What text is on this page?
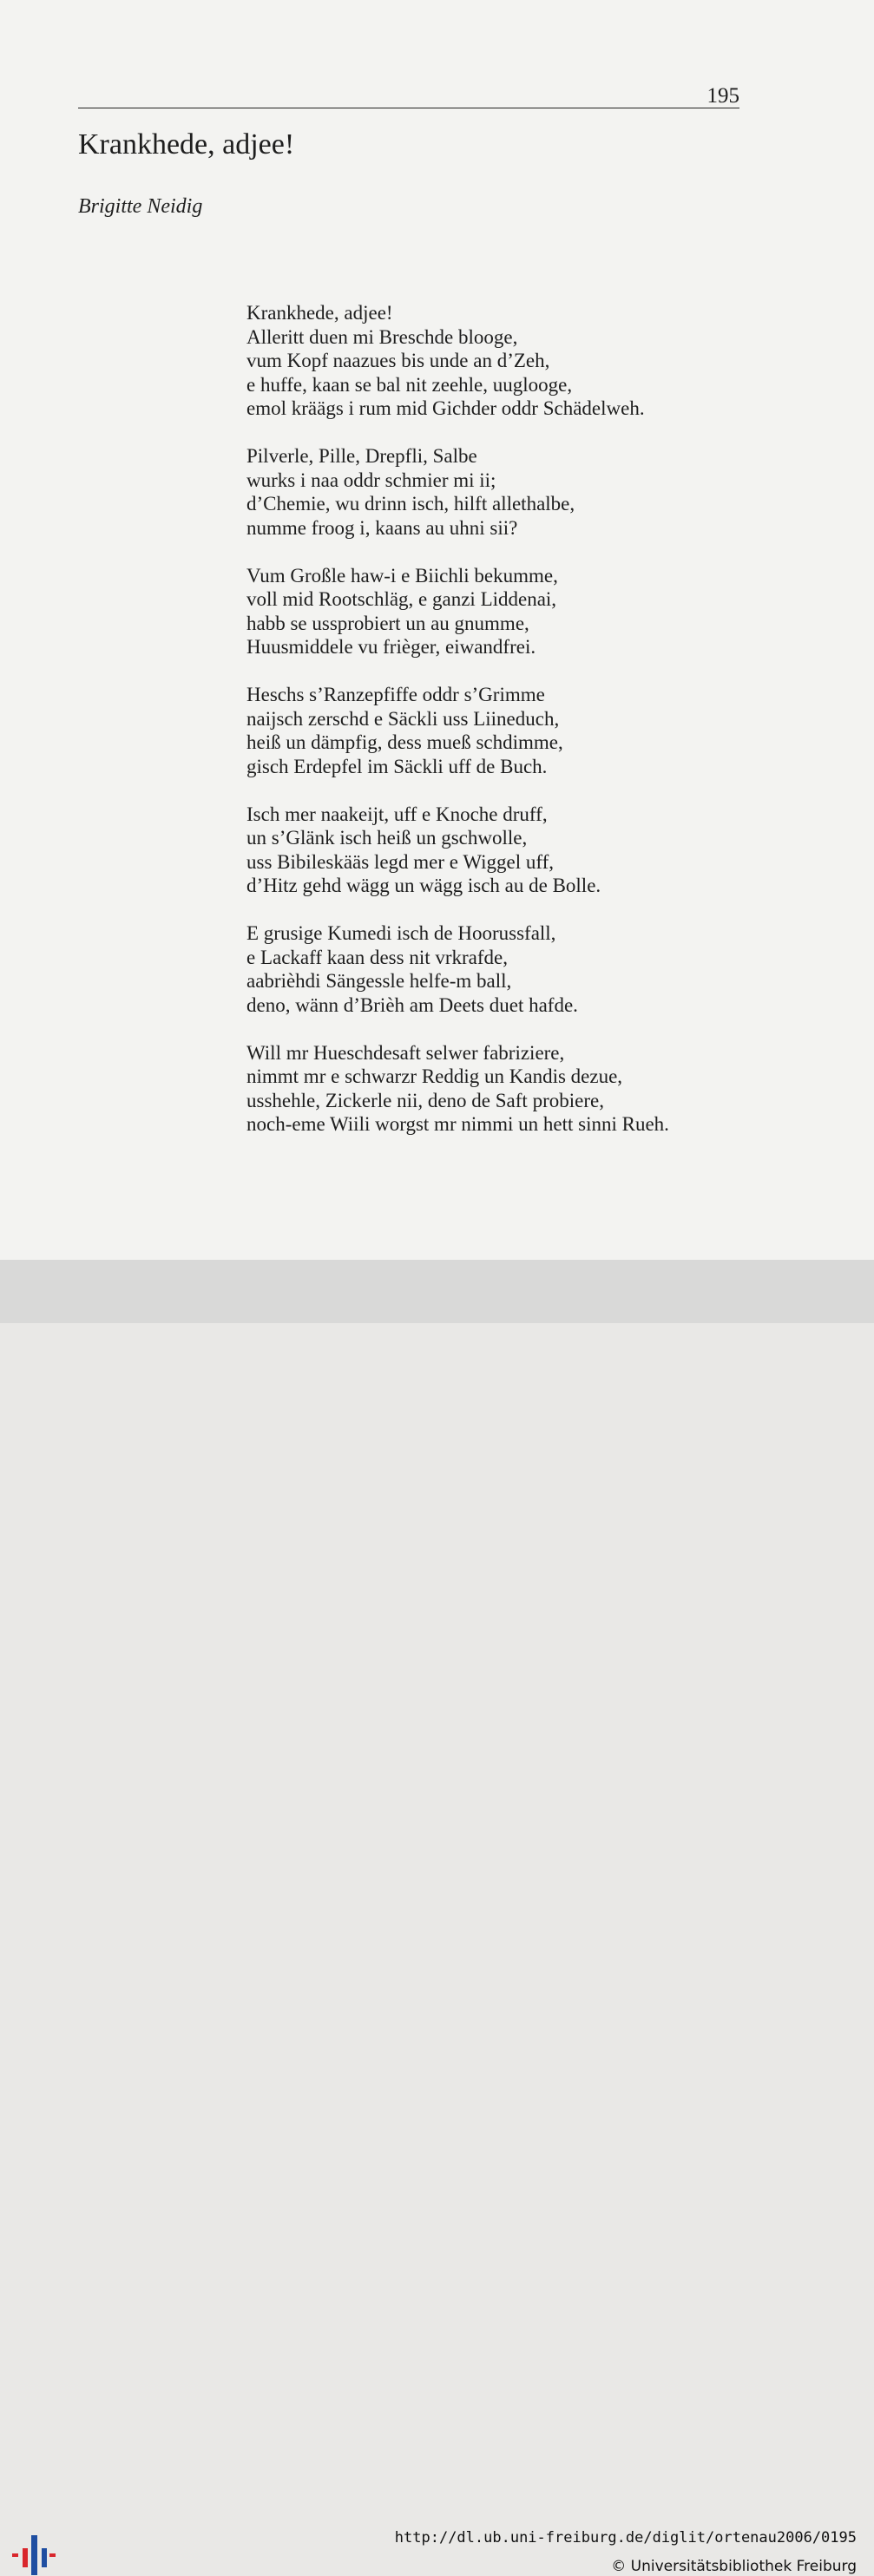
195
Krankhede, adjee!
Brigitte Neidig

Krankhede, adjee!
Alleritt duen mi Breschde blooge,
vum Kopf naazues bis unde an d’Zeh,
e huffe, kaan se bal nit zeehle, uuglooge,
emol kräägs i rum mid Gichder oddr Schädelweh.

Pilverle, Pille, Drepfli, Salbe
wurks i naa oddr schmier mi ii;
d’Chemie, wu drinn isch, hilft allethalbe,
numme froog i, kaans au uhni sii?

Vum Großle haw-i e Biichli bekumme,
voll mid Rootschläg, e ganzi Liddenai,
habb se ussprobiert un au gnumme,
Huusmiddele vu frièger, eiwandfrei.

Heschs s’Ranzepfiffe oddr s’Grimme
naijsch zerschd e Säckli uss Liineduch,
heiß un dämpfig, dess mueß schdimme,
gisch Erdepfel im Säckli uff de Buch.

Isch mer naakeijt, uff e Knoche druff,
un s’Glänk isch heiß un gschwolle,
uss Bibileskääs legd mer e Wiggel uff,
d’Hitz gehd wägg un wägg isch au de Bolle.

E grusige Kumedi isch de Hoorussfall,
e Lackaff kaan dess nit vrkrafde,
aabrièhdi Sängessle helfe-m ball,
deno, wänn d’Brièh am Deets duet hafde.

Will mr Hueschdesaft selwer fabriziere,
nimmt mr e schwarzr Reddig un Kandis dezue,
usshehle, Zickerle nii, deno de Saft probiere,
noch-eme Wiili worgst mr nimmi un hett sinni Rueh.

http://dl.ub.uni-freiburg.de/diglit/ortenau2006/0195
© Universitätsbibliothek Freiburg
